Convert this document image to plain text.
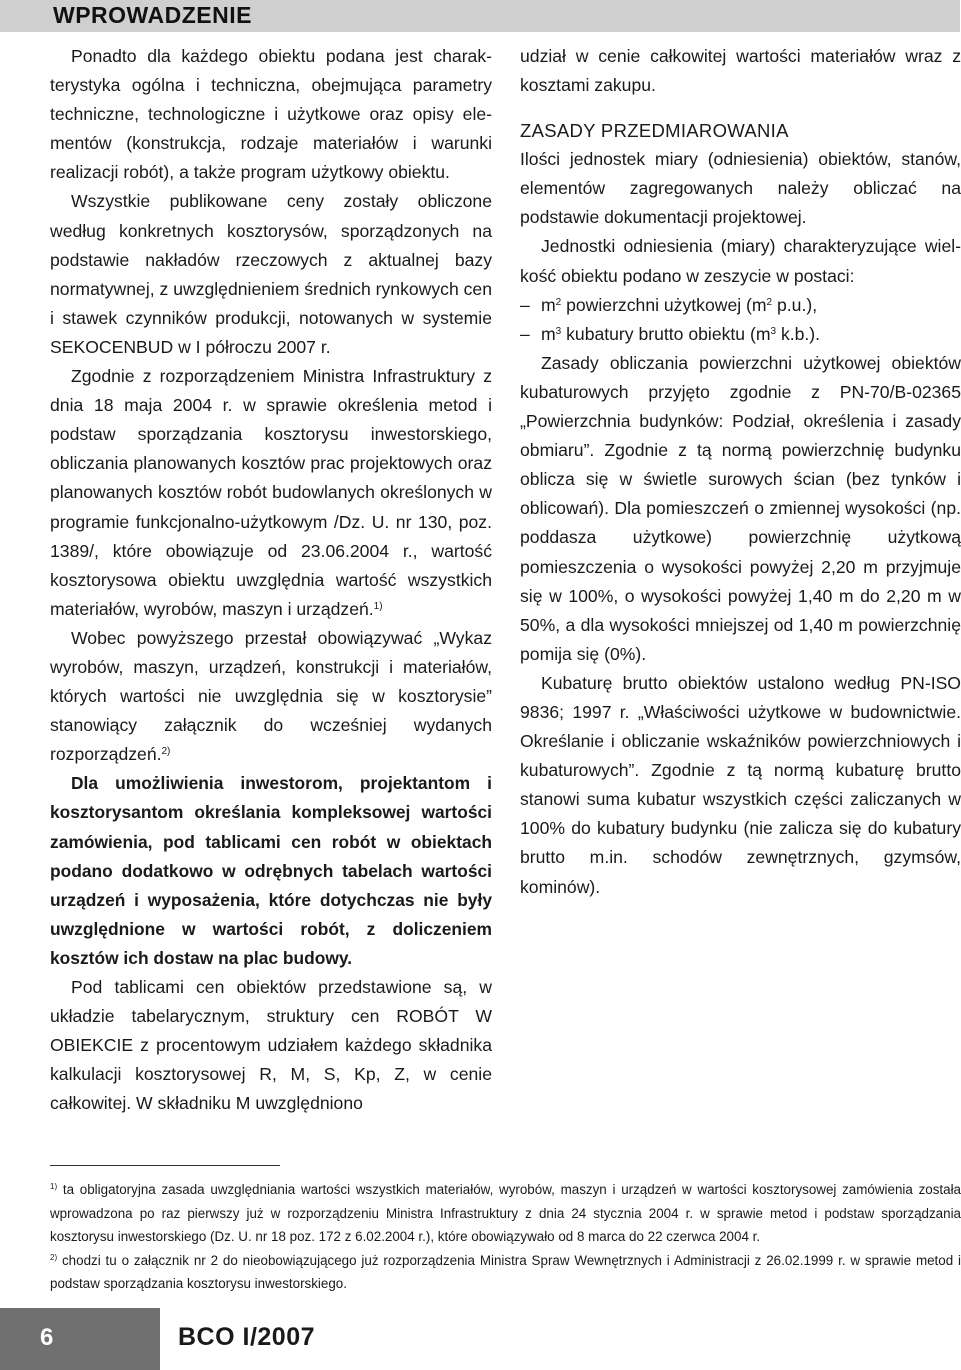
WPROWADZENIE

Ponadto dla każdego obiektu podana jest charakterystyka ogólna i techniczna, obejmująca parametry techniczne, technologiczne i użytkowe oraz opisy elementów (konstrukcja, rodzaje materiałów i warunki realizacji robót), a także program użytkowy obiektu.

Wszystkie publikowane ceny zostały obliczone według konkretnych kosztorysów, sporządzonych na podstawie nakładów rzeczowych z aktualnej bazy normatywnej, z uwzględnieniem średnich rynkowych cen i stawek czynników produkcji, notowanych w systemie SEKOCENBUD w I półroczu 2007 r.

Zgodnie z rozporządzeniem Ministra Infrastruktury z dnia 18 maja 2004 r. w sprawie określenia metod i podstaw sporządzania kosztorysu inwestorskiego, obliczania planowanych kosztów prac projektowych oraz planowanych kosztów robót budowlanych określonych w programie funkcjonalno-użytkowym /Dz. U. nr 130, poz. 1389/, które obowiązuje od 23.06.2004 r., wartość kosztorysowa obiektu uwzględnia wartość wszystkich materiałów, wyrobów, maszyn i urządzeń.$^{1)}$

Wobec powyższego przestał obowiązywać „Wykaz wyrobów, maszyn, urządzeń, konstrukcji i materiałów, których wartości nie uwzględnia się w kosztorysie” stanowiący załącznik do wcześniej wydanych rozporządzeń.$^{2)}$

Dla umożliwienia inwestorom, projektantom i kosztorysantom określania kompleksowej wartości zamówienia, pod tablicami cen robót w obiektach podano dodatkowo w odrębnych tabelach wartości urządzeń i wyposażenia, które dotychczas nie były uwzględnione w wartości robót, z doliczeniem kosztów ich dostaw na plac budowy.

Pod tablicami cen obiektów przedstawione są, w układzie tabelarycznym, struktury cen ROBÓT W OBIEKCIE z procentowym udziałem każdego składnika kalkulacji kosztorysowej R, M, S, Kp, Z, w cenie całkowitej. W składniku M uwzględniono

udział w cenie całkowitej wartości materiałów wraz z kosztami zakupu.

ZASADY PRZEDMIAROWANIA

Ilości jednostek miary (odniesienia) obiektów, stanów, elementów zagregowanych należy obliczać na podstawie dokumentacji projektowej.

Jednostki odniesienia (miary) charakteryzujące wielkość obiektu podano w zeszycie w postaci:

– $m^2$ powierzchni użytkowej ($m^2$ p.u.),
– $m^3$ kubatury brutto obiektu ($m^3$ k.b.).

Zasady obliczania powierzchni użytkowej obiektów kubaturowych przyjęto zgodnie z PN-70/B-02365 „Powierzchnia budynków: Podział, określenia i zasady obmiaru”. Zgodnie z tą normą powierzchnię budynku oblicza się w świetle surowych ścian (bez tynków i oblicowań). Dla pomieszczeń o zmiennej wysokości (np. poddasza użytkowe) powierzchnię użytkową pomieszczenia o wysokości powyżej 2,20 m przyjmuje się w 100%, o wysokości powyżej 1,40 m do 2,20 m w 50%, a dla wysokości mniejszej od 1,40 m powierzchnię pomija się (0%).

Kubaturę brutto obiektów ustalono według PN-ISO 9836; 1997 r. „Właściwości użytkowe w budownictwie. Określanie i obliczanie wskaźników powierzchniowych i kubaturowych”. Zgodnie z tą normą kubaturę brutto stanowi suma kubatur wszystkich części zaliczanych w 100% do kubatury budynku (nie zalicza się do kubatury brutto m.in. schodów zewnętrznych, gzymsów, kominów).

$^{1)}$ ta obligatoryjna zasada uwzględniania wartości wszystkich materiałów, wyrobów, maszyn i urządzeń w wartości kosztorysowej zamówienia została wprowadzona po raz pierwszy już w rozporządzeniu Ministra Infrastruktury z dnia 24 stycznia 2004 r. w sprawie metod i podstaw sporządzania kosztorysu inwestorskiego (Dz. U. nr 18 poz. 172 z 6.02.2004 r.), które obowiązywało od 8 marca do 22 czerwca 2004 r.

$^{2)}$ chodzi tu o załącznik nr 2 do nieobowiązującego już rozporządzenia Ministra Spraw Wewnętrznych i Administracji z 26.02.1999 r. w sprawie metod i podstaw sporządzania kosztorysu inwestorskiego.

6	BCO I/2007
